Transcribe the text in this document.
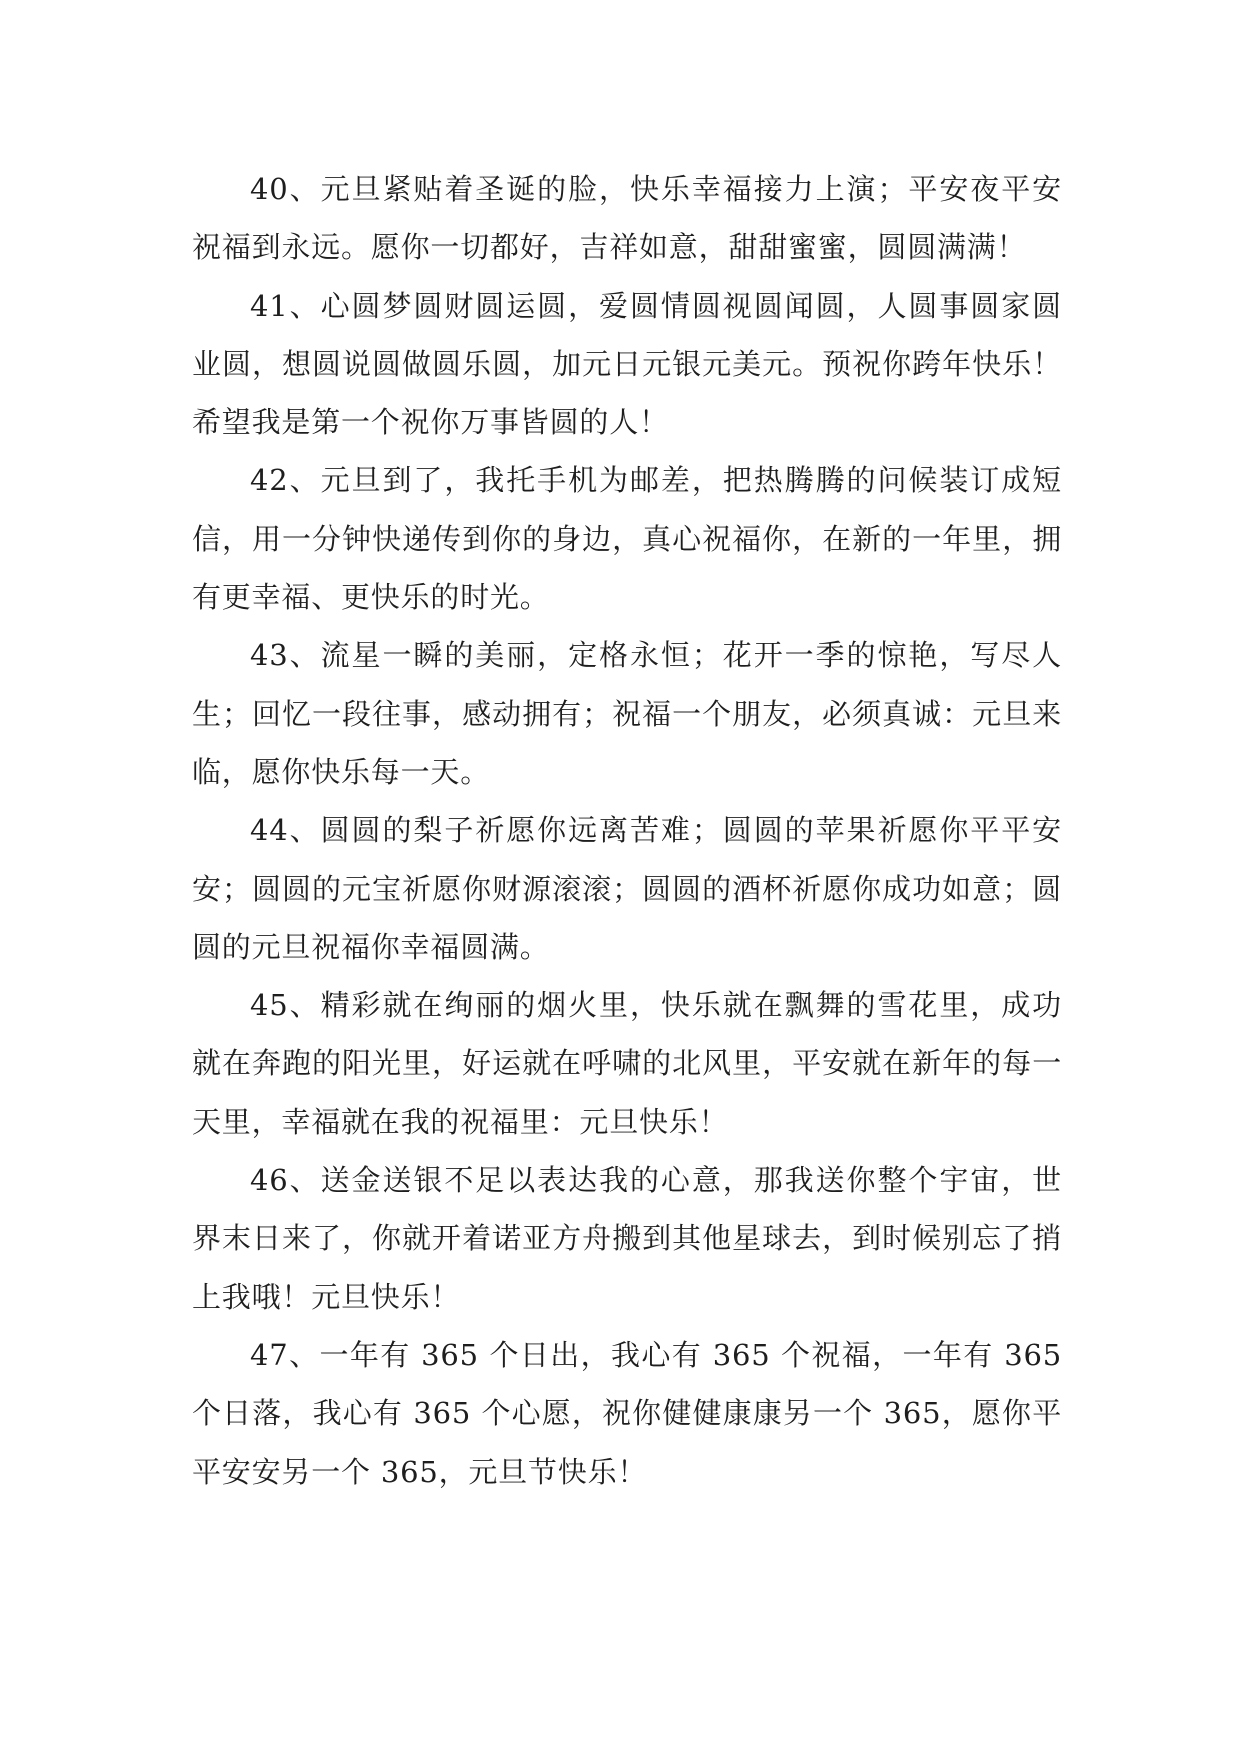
40、元旦紧贴着圣诞的脸，快乐幸福接力上演；平安夜平安祝福到永远。愿你一切都好，吉祥如意，甜甜蜜蜜，圆圆满满！

41、心圆梦圆财圆运圆，爱圆情圆视圆闻圆，人圆事圆家圆业圆，想圆说圆做圆乐圆，加元日元银元美元。预祝你跨年快乐！希望我是第一个祝你万事皆圆的人！

42、元旦到了，我托手机为邮差，把热腾腾的问候装订成短信，用一分钟快递传到你的身边，真心祝福你，在新的一年里，拥有更幸福、更快乐的时光。

43、流星一瞬的美丽，定格永恒；花开一季的惊艳，写尽人生；回忆一段往事，感动拥有；祝福一个朋友，必须真诚：元旦来临，愿你快乐每一天。

44、圆圆的梨子祈愿你远离苦难；圆圆的苹果祈愿你平平安安；圆圆的元宝祈愿你财源滚滚；圆圆的酒杯祈愿你成功如意；圆圆的元旦祝福你幸福圆满。

45、精彩就在绚丽的烟火里，快乐就在飘舞的雪花里，成功就在奔跑的阳光里，好运就在呼啸的北风里，平安就在新年的每一天里，幸福就在我的祝福里：元旦快乐！

46、送金送银不足以表达我的心意，那我送你整个宇宙，世界末日来了，你就开着诺亚方舟搬到其他星球去，到时候别忘了捎上我哦！元旦快乐！

47、一年有 365 个日出，我心有 365 个祝福，一年有 365 个日落，我心有 365 个心愿，祝你健健康康另一个 365，愿你平平安安另一个 365，元旦节快乐！
